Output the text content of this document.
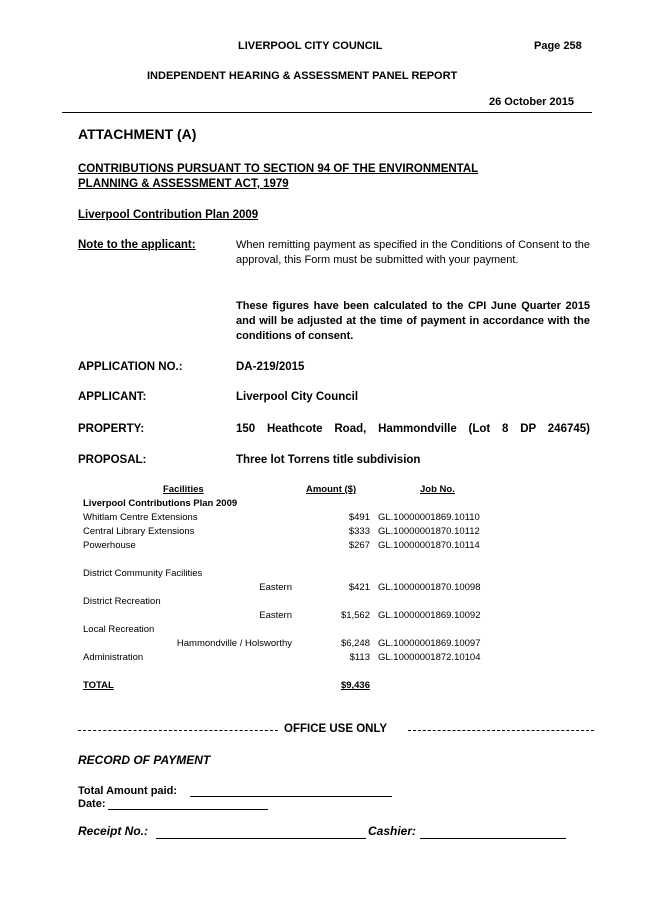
LIVERPOOL CITY COUNCIL	Page 258
INDEPENDENT HEARING & ASSESSMENT PANEL REPORT
26 October 2015
ATTACHMENT (A)
CONTRIBUTIONS PURSUANT TO SECTION 94 OF THE ENVIRONMENTAL
PLANNING & ASSESSMENT ACT, 1979
Liverpool Contribution Plan 2009
Note to the applicant:	When remitting payment as specified in the Conditions of Consent to the approval, this Form must be submitted with your payment.
These figures have been calculated to the CPI June Quarter 2015 and will be adjusted at the time of payment in accordance with the conditions of consent.
APPLICATION NO.:	DA-219/2015
APPLICANT:	Liverpool City Council
PROPERTY:	150 Heathcote Road, Hammondville (Lot 8 DP 246745)
PROPOSAL:	Three lot Torrens title subdivision
Facilities	Amount ($)	Job No.
Liverpool Contributions Plan 2009
Whitlam Centre Extensions	$491 GL.10000001869.10110
Central Library Extensions	$333 GL.10000001870.10112
Powerhouse	$267 GL.10000001870.10114
District Community Facilities
Eastern	$421 GL.10000001870.10098
District Recreation
Eastern	$1,562 GL.10000001869.10092
Local Recreation
Hammondville / Holsworthy	$6,248 GL.10000001869.10097
Administration	$113 GL.10000001872.10104
TOTAL	$9,436
OFFICE USE ONLY
RECORD OF PAYMENT
Total Amount paid:
Date:
Receipt No.:	Cashier:
